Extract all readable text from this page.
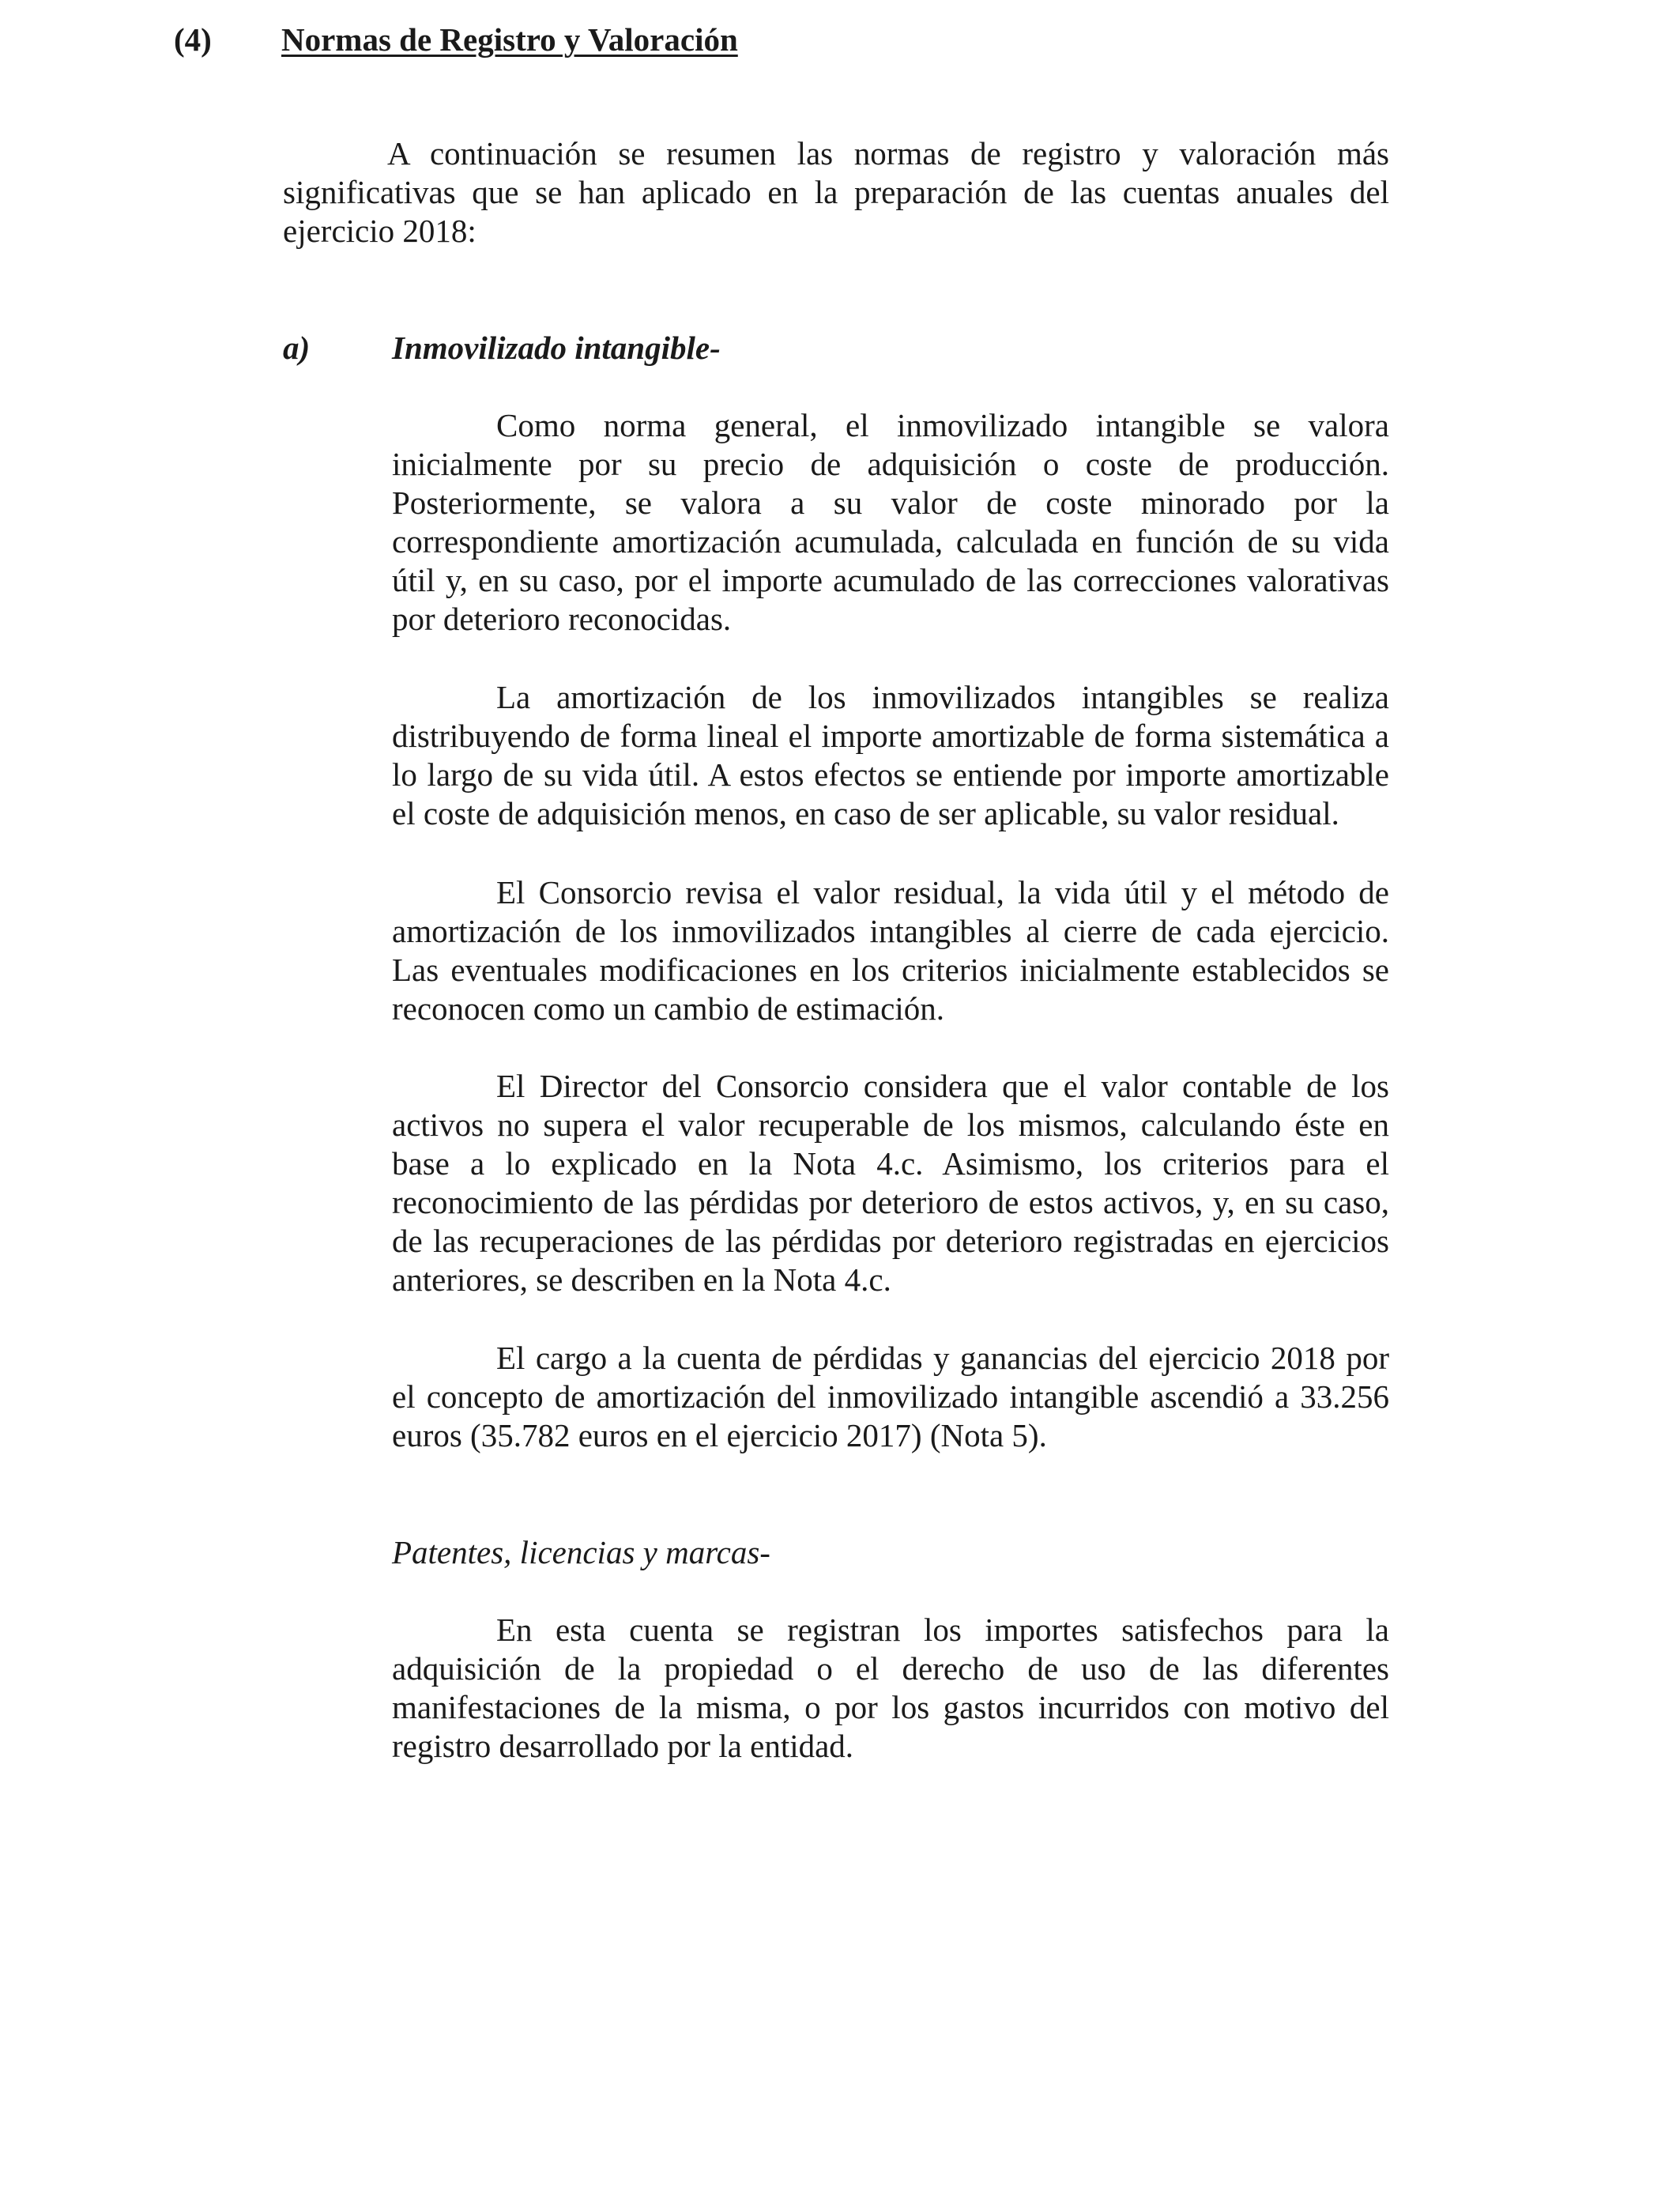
(4) Normas de Registro y Valoración

A continuación se resumen las normas de registro y valoración más significativas que se han aplicado en la preparación de las cuentas anuales del ejercicio 2018:

a)	Inmovilizado intangible-

Como norma general, el inmovilizado intangible se valora inicialmente por su precio de adquisición o coste de producción. Posteriormente, se valora a su valor de coste minorado por la correspondiente amortización acumulada, calculada en función de su vida útil y, en su caso, por el importe acumulado de las correcciones valorativas por deterioro reconocidas.

La amortización de los inmovilizados intangibles se realiza distribuyendo de forma lineal el importe amortizable de forma sistemática a lo largo de su vida útil. A estos efectos se entiende por importe amortizable el coste de adquisición menos, en caso de ser aplicable, su valor residual.

El Consorcio revisa el valor residual, la vida útil y el método de amortización de los inmovilizados intangibles al cierre de cada ejercicio. Las eventuales modificaciones en los criterios inicialmente establecidos se reconocen como un cambio de estimación.

El Director del Consorcio considera que el valor contable de los activos no supera el valor recuperable de los mismos, calculando éste en base a lo explicado en la Nota 4.c. Asimismo, los criterios para el reconocimiento de las pérdidas por deterioro de estos activos, y, en su caso, de las recuperaciones de las pérdidas por deterioro registradas en ejercicios anteriores, se describen en la Nota 4.c.

El cargo a la cuenta de pérdidas y ganancias del ejercicio 2018 por el concepto de amortización del inmovilizado intangible ascendió a 33.256 euros (35.782 euros en el ejercicio 2017) (Nota 5).

Patentes, licencias y marcas-

En esta cuenta se registran los importes satisfechos para la adquisición de la propiedad o el derecho de uso de las diferentes manifestaciones de la misma, o por los gastos incurridos con motivo del registro desarrollado por la entidad.
